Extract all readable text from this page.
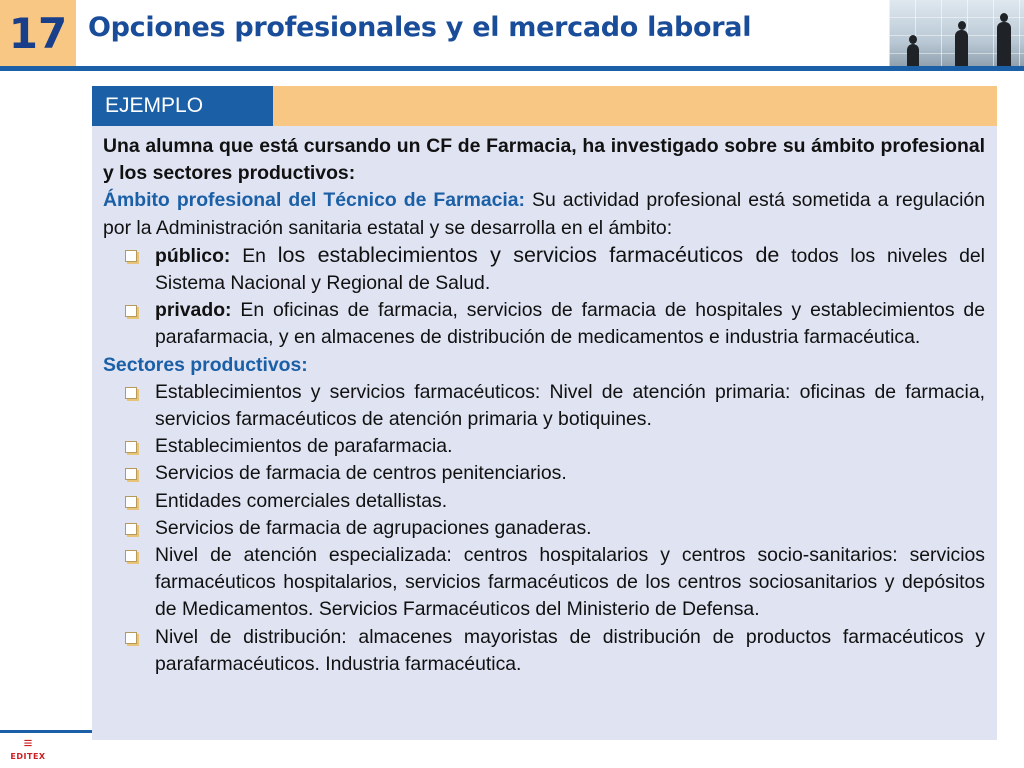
17 Opciones profesionales y el mercado laboral
EJEMPLO

Una alumna que está cursando un CF de Farmacia, ha investigado sobre su ámbito profesional y los sectores productivos:

Ámbito profesional del Técnico de Farmacia: Su actividad profesional está sometida a regulación por la Administración sanitaria estatal y se desarrolla en el ámbito:

público: En los establecimientos y servicios farmacéuticos de todos los niveles del Sistema Nacional y Regional de Salud.
privado: En oficinas de farmacia, servicios de farmacia de hospitales y establecimientos de parafarmacia, y en almacenes de distribución de medicamentos e industria farmacéutica.

Sectores productivos:

Establecimientos y servicios farmacéuticos: Nivel de atención primaria: oficinas de farmacia, servicios farmacéuticos de atención primaria y botiquines.
Establecimientos de parafarmacia.
Servicios de farmacia de centros penitenciarios.
Entidades comerciales detallistas.
Servicios de farmacia de agrupaciones ganaderas.
Nivel de atención especializada: centros hospitalarios y centros socio-sanitarios: servicios farmacéuticos hospitalarios, servicios farmacéuticos de los centros sociosanitarios y depósitos de Medicamentos. Servicios Farmacéuticos del Ministerio de Defensa.
Nivel de distribución: almacenes mayoristas de distribución de productos farmacéuticos y parafarmacéuticos. Industria farmacéutica.
≡
EDITEX
